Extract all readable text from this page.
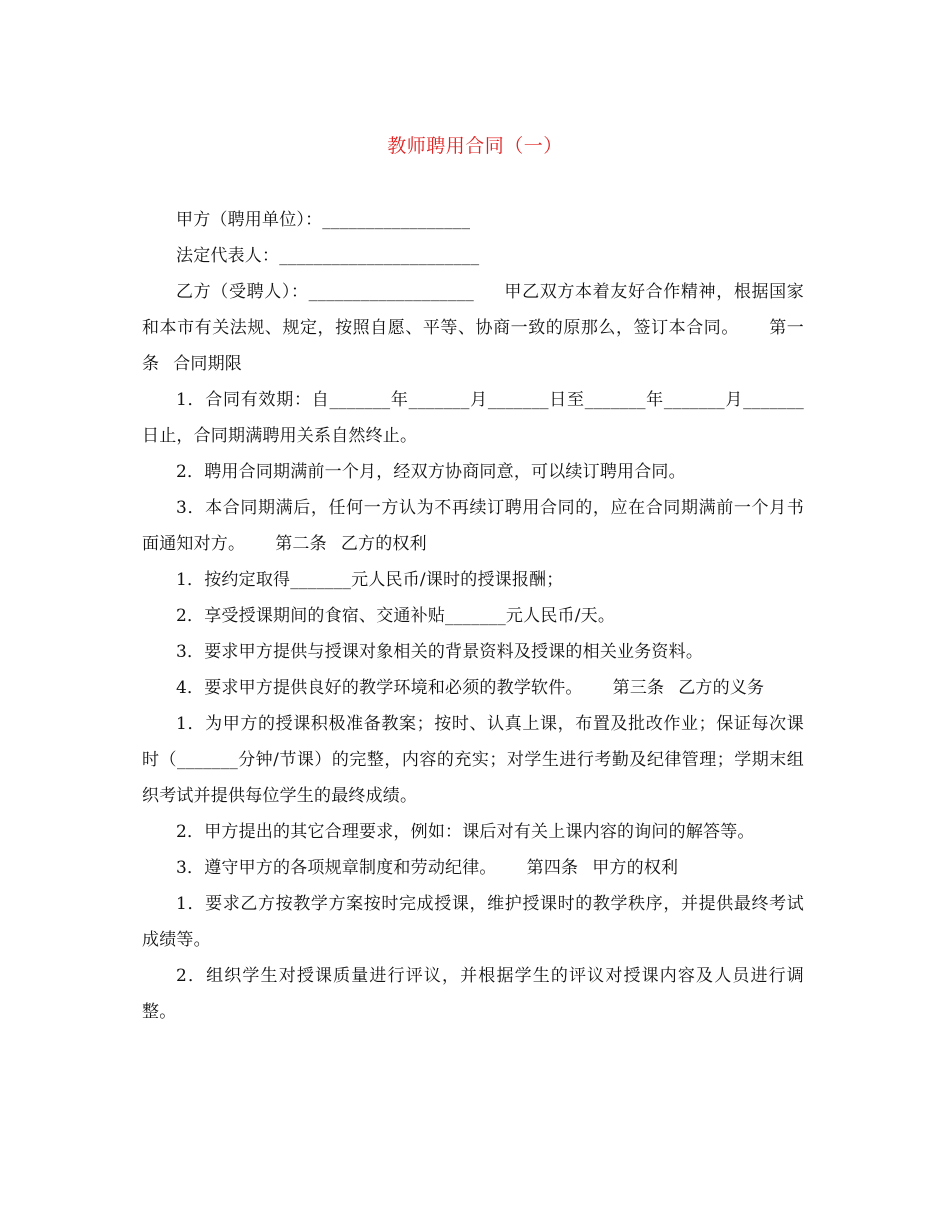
教师聘用合同（一）

甲方（聘用单位）：_________________

法定代表人：_______________________

乙方（受聘人）：___________________ 甲乙双方本着友好合作精神，根据国家和本市有关法规、规定，按照自愿、平等、协商一致的原那么，签订本合同。 第一条 合同期限

1．合同有效期：自_______年_______月_______日至_______年_______月_______日止，合同期满聘用关系自然终止。

2．聘用合同期满前一个月，经双方协商同意，可以续订聘用合同。

3．本合同期满后，任何一方认为不再续订聘用合同的，应在合同期满前一个月书面通知对方。 第二条 乙方的权利

1．按约定取得_______元人民币/课时的授课报酬；

2．享受授课期间的食宿、交通补贴_______元人民币/天。

3．要求甲方提供与授课对象相关的背景资料及授课的相关业务资料。

4．要求甲方提供良好的教学环境和必须的教学软件。 第三条 乙方的义务

1．为甲方的授课积极准备教案；按时、认真上课，布置及批改作业；保证每次课时（_______分钟/节课）的完整，内容的充实；对学生进行考勤及纪律管理；学期末组织考试并提供每位学生的最终成绩。

2．甲方提出的其它合理要求，例如：课后对有关上课内容的询问的解答等。

3．遵守甲方的各项规章制度和劳动纪律。 第四条 甲方的权利

1．要求乙方按教学方案按时完成授课，维护授课时的教学秩序，并提供最终考试成绩等。

2．组织学生对授课质量进行评议，并根据学生的评议对授课内容及人员进行调整。
